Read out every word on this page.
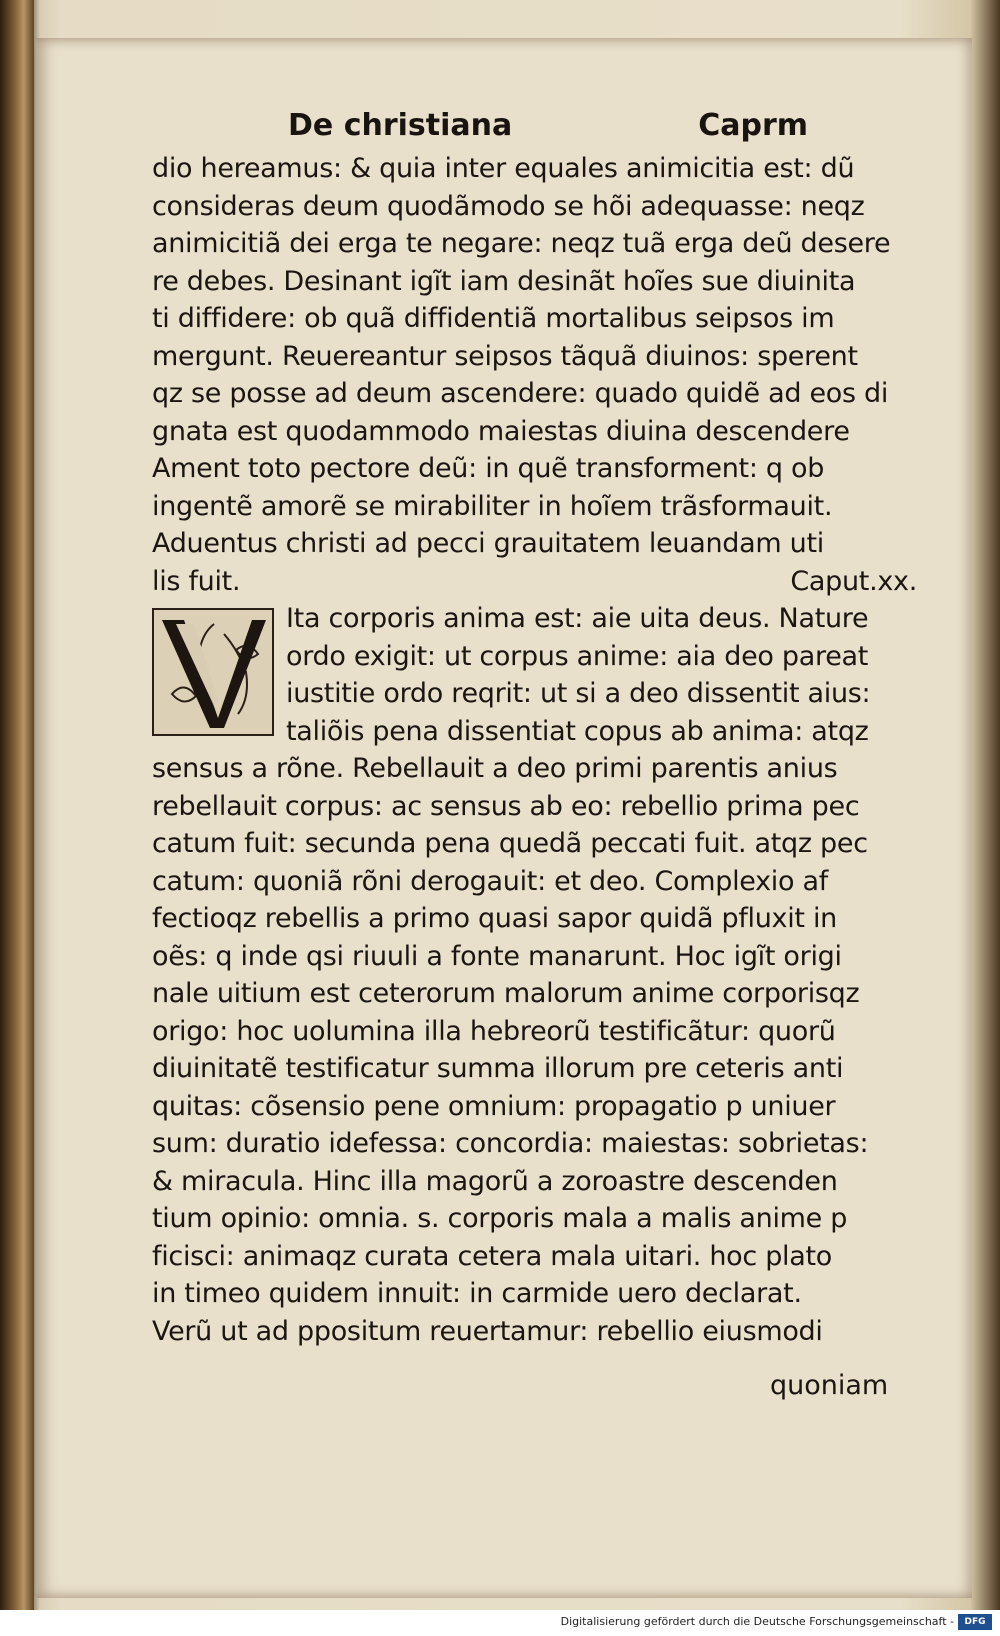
De christiana	Caprm
dio hereamus: & quia inter equales animicitia est: dũ
consideras deum quodãmodo se hõi adequasse: neqz
animicitiã dei erga te negare: neqz tuã erga deũ desere
re debes. Desinant igĩt iam desinãt hoĩes sue diuinita
ti diffidere: ob quã diffidentiã mortalibus seipsos im
mergunt. Reuereantur seipsos tãquã diuinos: sperent
qz se posse ad deum ascendere: quado quidẽ ad eos di
gnata est quodammodo maiestas diuina descendere
Ament toto pectore deũ: in quẽ transforment: q ob
ingentẽ amorẽ se mirabiliter in hoĩem trãsformauit.
Aduentus christi ad pecci grauitatem leuandam uti
lis fuit.	Caput.xx.
Ita corporis anima est: aie uita deus. Nature
ordo exigit: ut corpus anime: aia deo pareat
iustitie ordo reqrit: ut si a deo dissentit aius:
taliõis pena dissentiat copus ab anima: atqz
sensus a rõne. Rebellauit a deo primi parentis anius
rebellauit corpus: ac sensus ab eo: rebellio prima pec
catum fuit: secunda pena quedã peccati fuit. atqz pec
catum: quoniã rõni derogauit: et deo. Complexio af
fectioqz rebellis a primo quasi sapor quidã pfluxit in
oẽs: q inde qsi riuuli a fonte manarunt. Hoc igĩt origi
nale uitium est ceterorum malorum anime corporisqz
origo: hoc uolumina illa hebreorũ testificãtur: quorũ
diuinitatẽ testificatur summa illorum pre ceteris anti
quitas: cõsensio pene omnium: propagatio p uniuer
sum: duratio idefessa: concordia: maiestas: sobrietas:
& miracula. Hinc illa magorũ a zoroastre descenden
tium opinio: omnia. s. corporis mala a malis anime p
ficisci: animaqz curata cetera mala uitari. hoc plato
in timeo quidem innuit: in carmide uero declarat.
Verũ ut ad ppositum reuertamur: rebellio eiusmodi
quoniam
Digitalisierung gefördert durch die Deutsche Forschungsgemeinschaft -	DFG
